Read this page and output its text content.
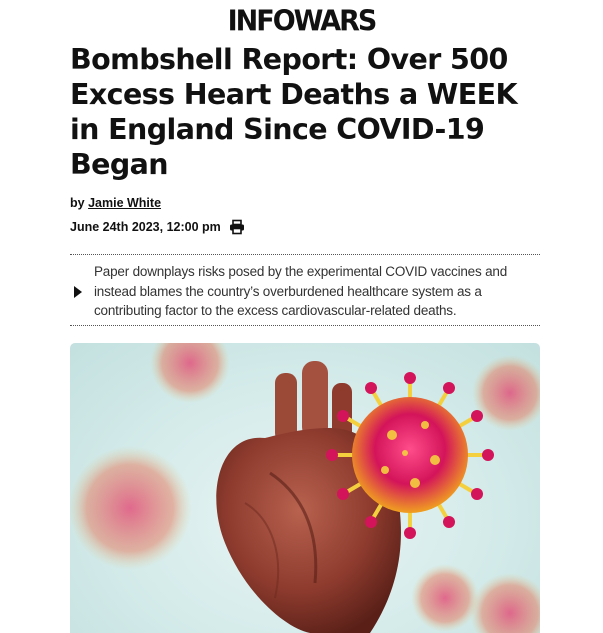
INFOWARS
Bombshell Report: Over 500 Excess Heart Deaths a WEEK in England Since COVID-19 Began
by Jamie White
June 24th 2023, 12:00 pm

Paper downplays risks posed by the experimental COVID vaccines and instead blames the country’s overburdened healthcare system as a contributing factor to the excess cardiovascular-related deaths.
